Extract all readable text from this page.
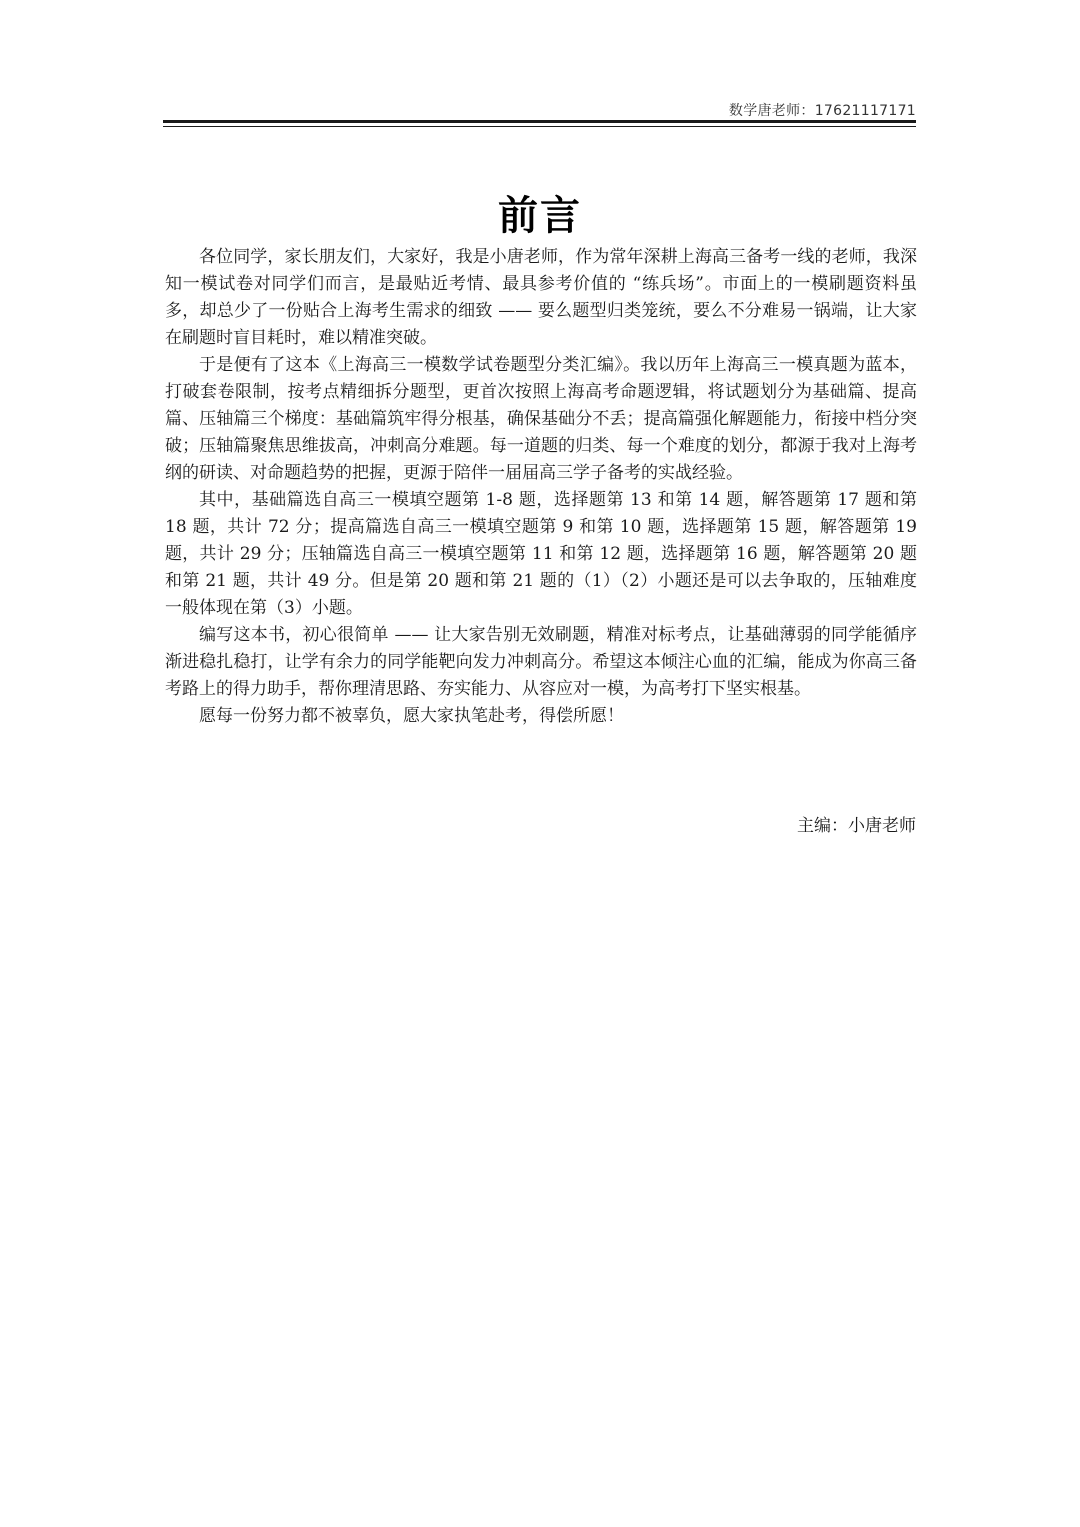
数学唐老师：17621117171
前言

各位同学，家长朋友们，大家好，我是小唐老师，作为常年深耕上海高三备考一线的老师，我深知一模试卷对同学们而言，是最贴近考情、最具参考价值的 “练兵场”。市面上的一模刷题资料虽多，却总少了一份贴合上海考生需求的细致 —— 要么题型归类笼统，要么不分难易一锅端，让大家在刷题时盲目耗时，难以精准突破。

于是便有了这本《上海高三一模数学试卷题型分类汇编》。我以历年上海高三一模真题为蓝本，打破套卷限制，按考点精细拆分题型，更首次按照上海高考命题逻辑，将试题划分为基础篇、提高篇、压轴篇三个梯度：基础篇筑牢得分根基，确保基础分不丢；提高篇强化解题能力，衔接中档分突破；压轴篇聚焦思维拔高，冲刺高分难题。每一道题的归类、每一个难度的划分，都源于我对上海考纲的研读、对命题趋势的把握，更源于陪伴一届届高三学子备考的实战经验。

其中，基础篇选自高三一模填空题第 1-8 题，选择题第 13 和第 14 题，解答题第 17 题和第 18 题，共计 72 分；提高篇选自高三一模填空题第 9 和第 10 题，选择题第 15 题，解答题第 19 题，共计 29 分；压轴篇选自高三一模填空题第 11 和第 12 题，选择题第 16 题，解答题第 20 题和第 21 题，共计 49 分。但是第 20 题和第 21 题的（1）（2）小题还是可以去争取的，压轴难度一般体现在第（3）小题。

编写这本书，初心很简单 —— 让大家告别无效刷题，精准对标考点，让基础薄弱的同学能循序渐进稳扎稳打，让学有余力的同学能靶向发力冲刺高分。希望这本倾注心血的汇编，能成为你高三备考路上的得力助手，帮你理清思路、夯实能力、从容应对一模，为高考打下坚实根基。

愿每一份努力都不被辜负，愿大家执笔赴考，得偿所愿！

主编：小唐老师
